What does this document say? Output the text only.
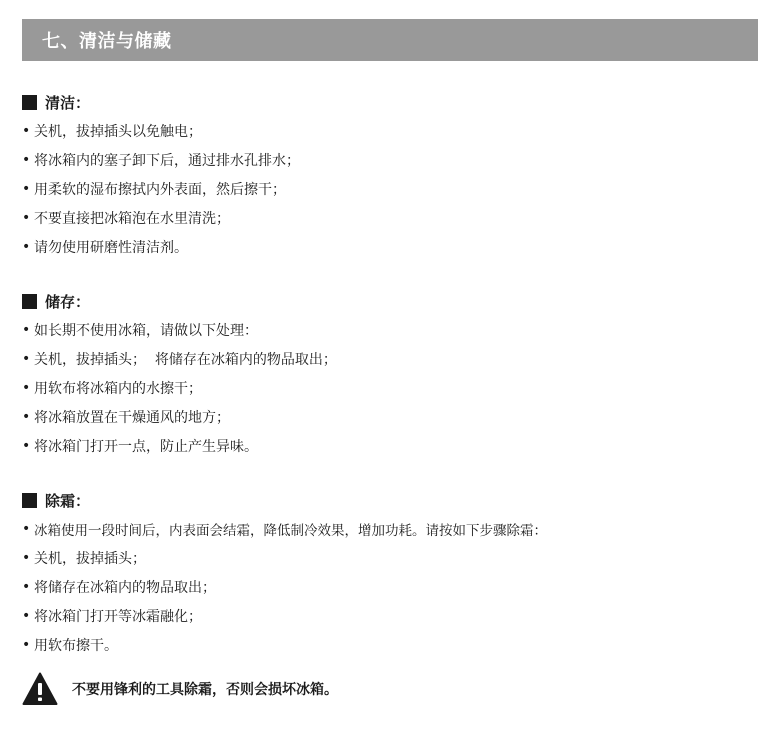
七、清洁与储藏
清洁：
• 关机，拔掉插头以免触电；
• 将冰箱内的塞子卸下后，通过排水孔排水；
• 用柔软的湿布擦拭内外表面，然后擦干；
• 不要直接把冰箱泡在水里清洗；
• 请勿使用研磨性清洁剂。
储存：
• 如长期不使用冰箱，请做以下处理：
• 关机，拔掉插头；  将储存在冰箱内的物品取出；
• 用软布将冰箱内的水擦干；
• 将冰箱放置在干燥通风的地方；
• 将冰箱门打开一点，防止产生异味。
除霜：
• 冰箱使用一段时间后，内表面会结霜，降低制冷效果，增加功耗。请按如下步骤除霜：
• 关机，拔掉插头；
• 将储存在冰箱内的物品取出；
• 将冰箱门打开等冰霜融化；
• 用软布擦干。
不要用锋利的工具除霜，否则会损坏冰箱。
